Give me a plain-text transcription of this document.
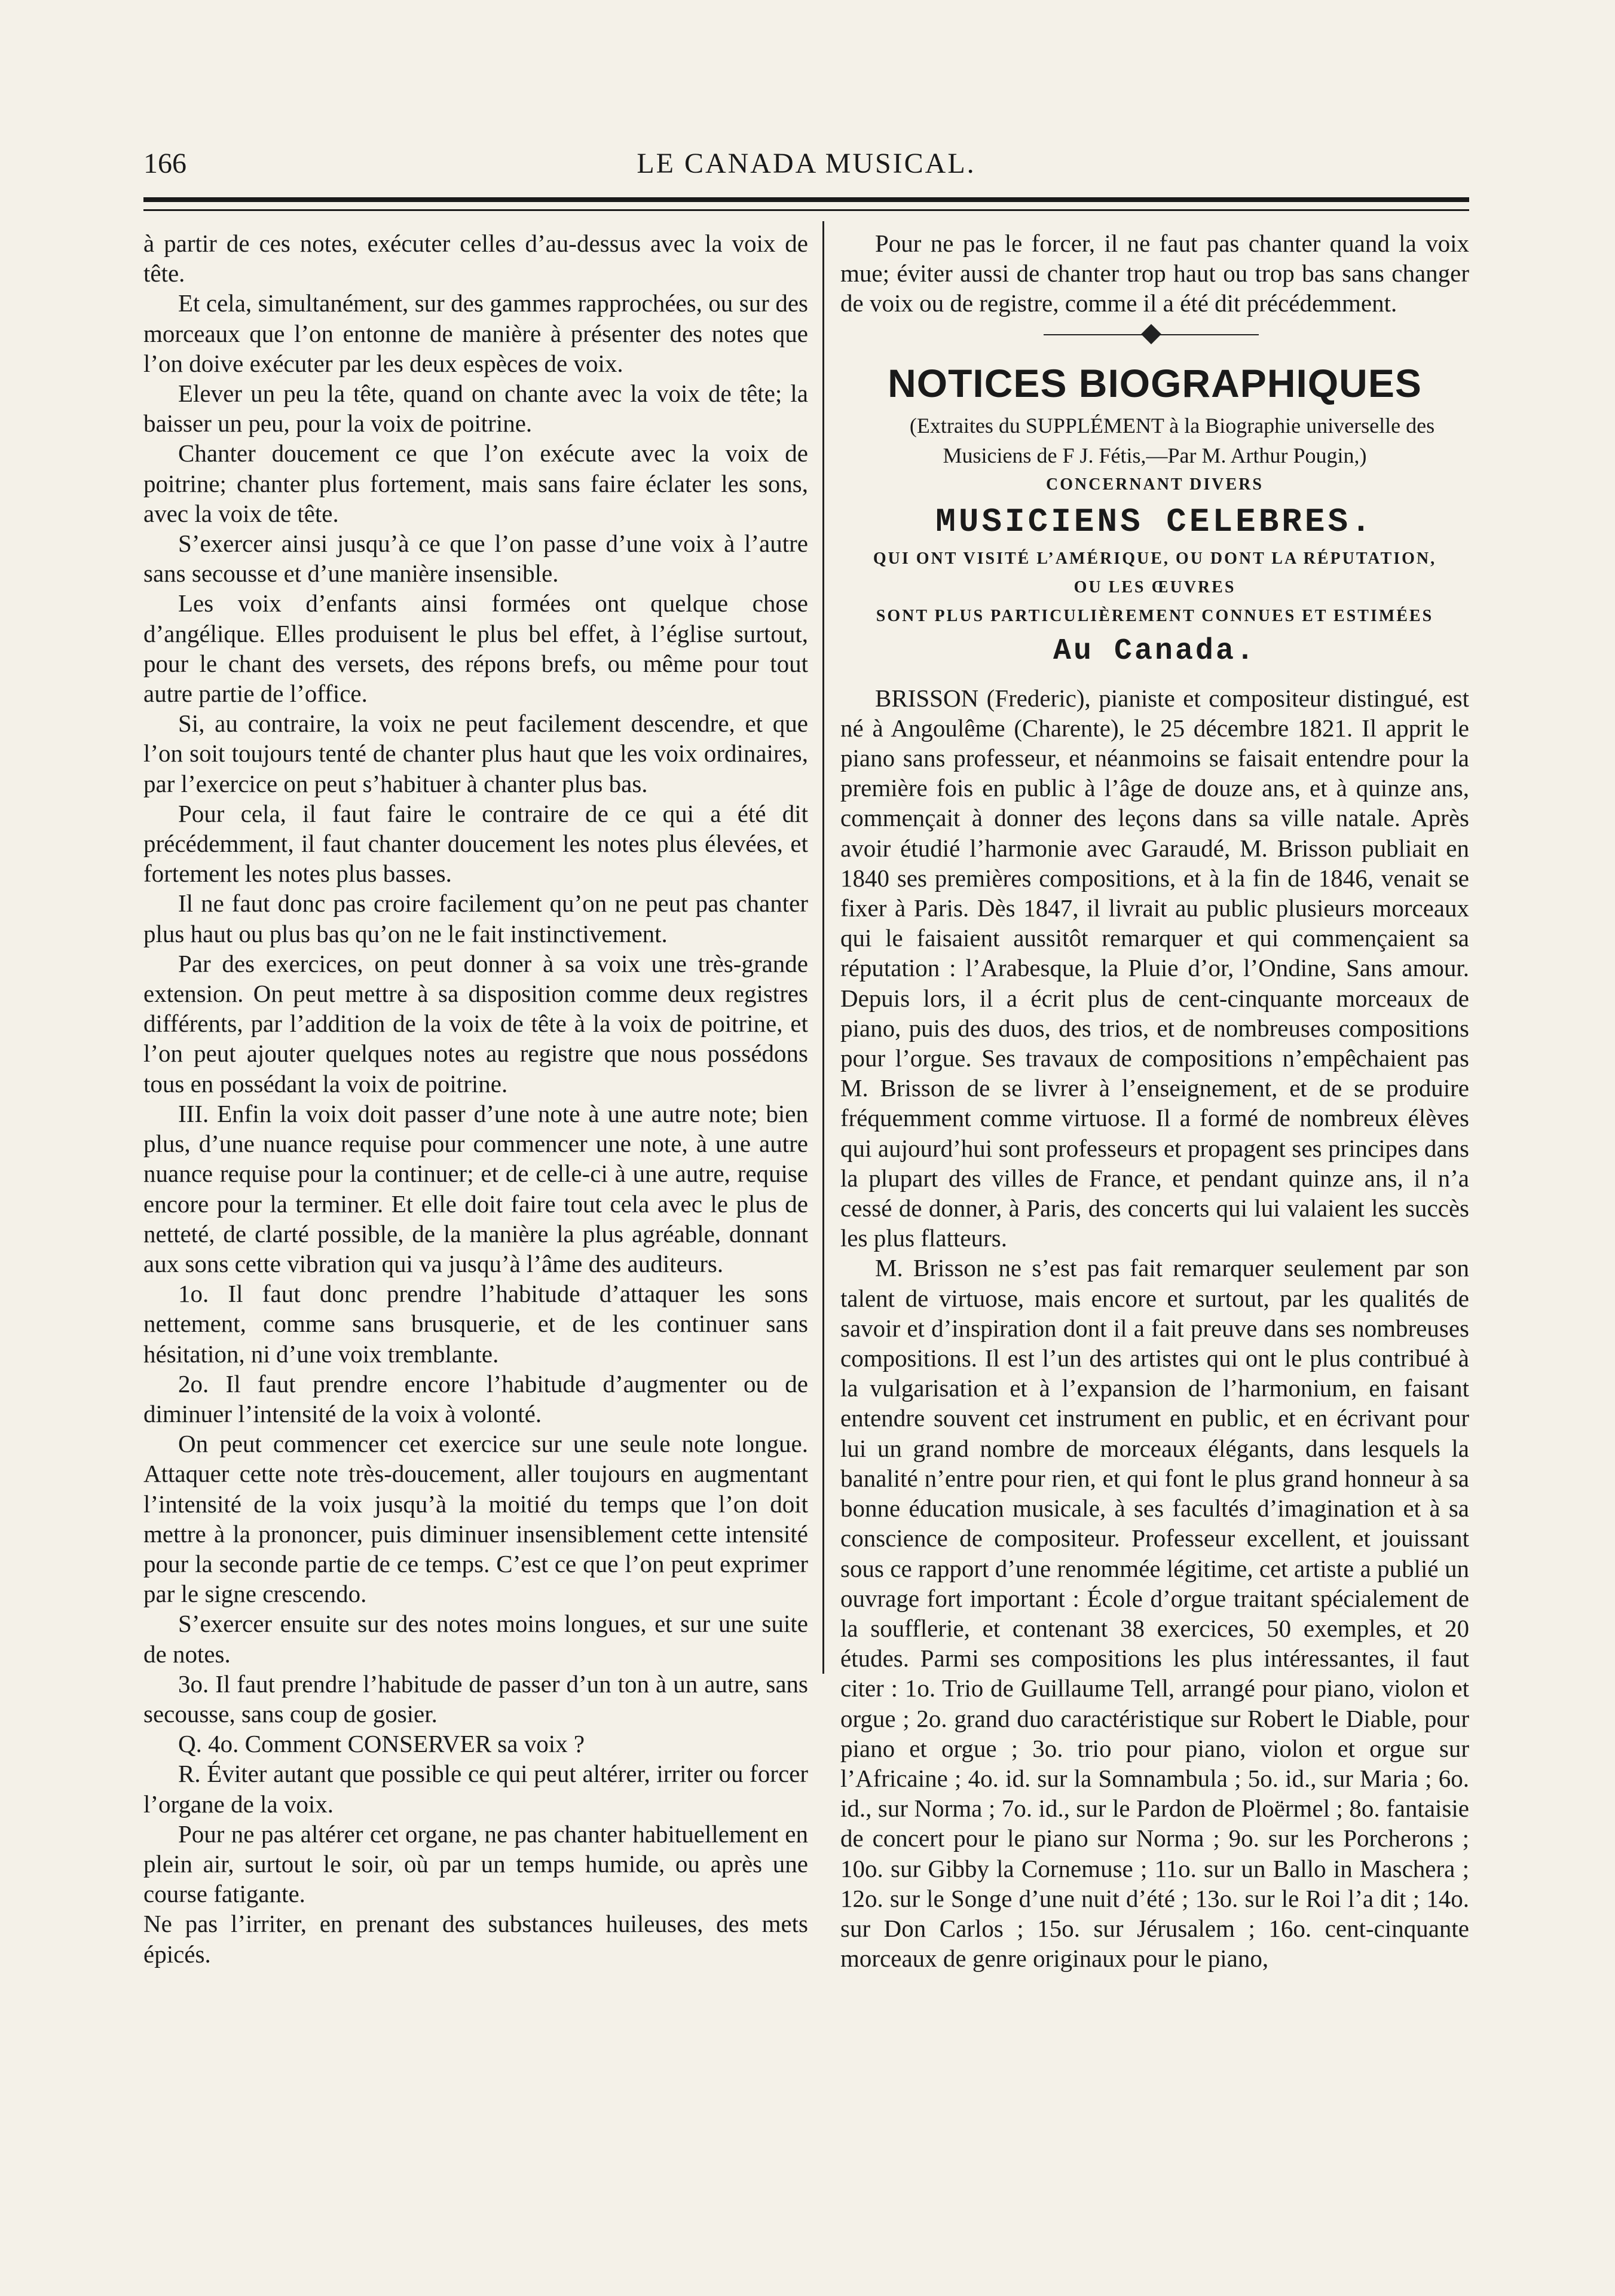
166	LE CANADA MUSICAL.

à partir de ces notes, exécuter celles d’au-dessus avec la voix de tête.

Et cela, simultanément, sur des gammes rapprochées, ou sur des morceaux que l’on entonne de manière à présenter des notes que l’on doive exécuter par les deux espèces de voix.

Elever un peu la tête, quand on chante avec la voix de tête; la baisser un peu, pour la voix de poitrine.

Chanter doucement ce que l’on exécute avec la voix de poitrine; chanter plus fortement, mais sans faire éclater les sons, avec la voix de tête.

S’exercer ainsi jusqu’à ce que l’on passe d’une voix à l’autre sans secousse et d’une manière insensible.

Les voix d’enfants ainsi formées ont quelque chose d’angélique. Elles produisent le plus bel effet, à l’église surtout, pour le chant des versets, des répons brefs, ou même pour tout autre partie de l’office.

Si, au contraire, la voix ne peut facilement descendre, et que l’on soit toujours tenté de chanter plus haut que les voix ordinaires, par l’exercice on peut s’habituer à chanter plus bas.

Pour cela, il faut faire le contraire de ce qui a été dit précédemment, il faut chanter doucement les notes plus élevées, et fortement les notes plus basses.

Il ne faut donc pas croire facilement qu’on ne peut pas chanter plus haut ou plus bas qu’on ne le fait instinctivement.

Par des exercices, on peut donner à sa voix une très-grande extension. On peut mettre à sa disposition comme deux registres différents, par l’addition de la voix de tête à la voix de poitrine, et l’on peut ajouter quelques notes au registre que nous possédons tous en possédant la voix de poitrine.

III. Enfin la voix doit passer d’une note à une autre note; bien plus, d’une nuance requise pour commencer une note, à une autre nuance requise pour la continuer; et de celle-ci à une autre, requise encore pour la terminer. Et elle doit faire tout cela avec le plus de netteté, de clarté possible, de la manière la plus agréable, donnant aux sons cette vibration qui va jusqu’à l’âme des auditeurs.

1o. Il faut donc prendre l’habitude d’attaquer les sons nettement, comme sans brusquerie, et de les continuer sans hésitation, ni d’une voix tremblante.

2o. Il faut prendre encore l’habitude d’augmenter ou de diminuer l’intensité de la voix à volonté.

On peut commencer cet exercice sur une seule note longue. Attaquer cette note très-doucement, aller toujours en augmentant l’intensité de la voix jusqu’à la moitié du temps que l’on doit mettre à la prononcer, puis diminuer insensiblement cette intensité pour la seconde partie de ce temps. C’est ce que l’on peut exprimer par le signe crescendo.

S’exercer ensuite sur des notes moins longues, et sur une suite de notes.

3o. Il faut prendre l’habitude de passer d’un ton à un autre, sans secousse, sans coup de gosier.

Q. 4o. Comment CONSERVER sa voix ?

R. Éviter autant que possible ce qui peut altérer, irriter ou forcer l’organe de la voix.

Pour ne pas altérer cet organe, ne pas chanter habituellement en plein air, surtout le soir, où par un temps humide, ou après une course fatigante.

Ne pas l’irriter, en prenant des substances huileuses, des mets épicés.

Pour ne pas le forcer, il ne faut pas chanter quand la voix mue; éviter aussi de chanter trop haut ou trop bas sans changer de voix ou de registre, comme il a été dit précédemment.

NOTICES BIOGRAPHIQUES

(Extraites du SUPPLÉMENT à la Biographie universelle des Musiciens de F J. Fétis,—Par M. Arthur Pougin,)

CONCERNANT DIVERS
MUSICIENS CELEBRES.
QUI ONT VISITÉ L’AMÉRIQUE, OU DONT LA RÉPUTATION,
OU LES ŒUVRES
SONT PLUS PARTICULIÈREMENT CONNUES ET ESTIMÉES
Au Canada.

BRISSON (Frederic), pianiste et compositeur distingué, est né à Angoulême (Charente), le 25 décembre 1821. Il apprit le piano sans professeur, et néanmoins se faisait entendre pour la première fois en public à l’âge de douze ans, et à quinze ans, commençait à donner des leçons dans sa ville natale. Après avoir étudié l’harmonie avec Garaudé, M. Brisson publiait en 1840 ses premières compositions, et à la fin de 1846, venait se fixer à Paris. Dès 1847, il livrait au public plusieurs morceaux qui le faisaient aussitôt remarquer et qui commençaient sa réputation : l’Arabesque, la Pluie d’or, l’Ondine, Sans amour. Depuis lors, il a écrit plus de cent-cinquante morceaux de piano, puis des duos, des trios, et de nombreuses compositions pour l’orgue. Ses travaux de compositions n’empêchaient pas M. Brisson de se livrer à l’enseignement, et de se produire fréquemment comme virtuose. Il a formé de nombreux élèves qui aujourd’hui sont professeurs et propagent ses principes dans la plupart des villes de France, et pendant quinze ans, il n’a cessé de donner, à Paris, des concerts qui lui valaient les succès les plus flatteurs.

M. Brisson ne s’est pas fait remarquer seulement par son talent de virtuose, mais encore et surtout, par les qualités de savoir et d’inspiration dont il a fait preuve dans ses nombreuses compositions. Il est l’un des artistes qui ont le plus contribué à la vulgarisation et à l’expansion de l’harmonium, en faisant entendre souvent cet instrument en public, et en écrivant pour lui un grand nombre de morceaux élégants, dans lesquels la banalité n’entre pour rien, et qui font le plus grand honneur à sa bonne éducation musicale, à ses facultés d’imagination et à sa conscience de compositeur. Professeur excellent, et jouissant sous ce rapport d’une renommée légitime, cet artiste a publié un ouvrage fort important : École d’orgue traitant spécialement de la soufflerie, et contenant 38 exercices, 50 exemples, et 20 études. Parmi ses compositions les plus intéressantes, il faut citer : 1o. Trio de Guillaume Tell, arrangé pour piano, violon et orgue ; 2o. grand duo caractéristique sur Robert le Diable, pour piano et orgue ; 3o. trio pour piano, violon et orgue sur l’Africaine ; 4o. id. sur la Somnambula ; 5o. id., sur Maria ; 6o. id., sur Norma ; 7o. id., sur le Pardon de Ploërmel ; 8o. fantaisie de concert pour le piano sur Norma ; 9o. sur les Porcherons ; 10o. sur Gibby la Cornemuse ; 11o. sur un Ballo in Maschera ; 12o. sur le Songe d’une nuit d’été ; 13o. sur le Roi l’a dit ; 14o. sur Don Carlos ; 15o. sur Jérusalem ; 16o. cent-cinquante morceaux de genre originaux pour le piano,
